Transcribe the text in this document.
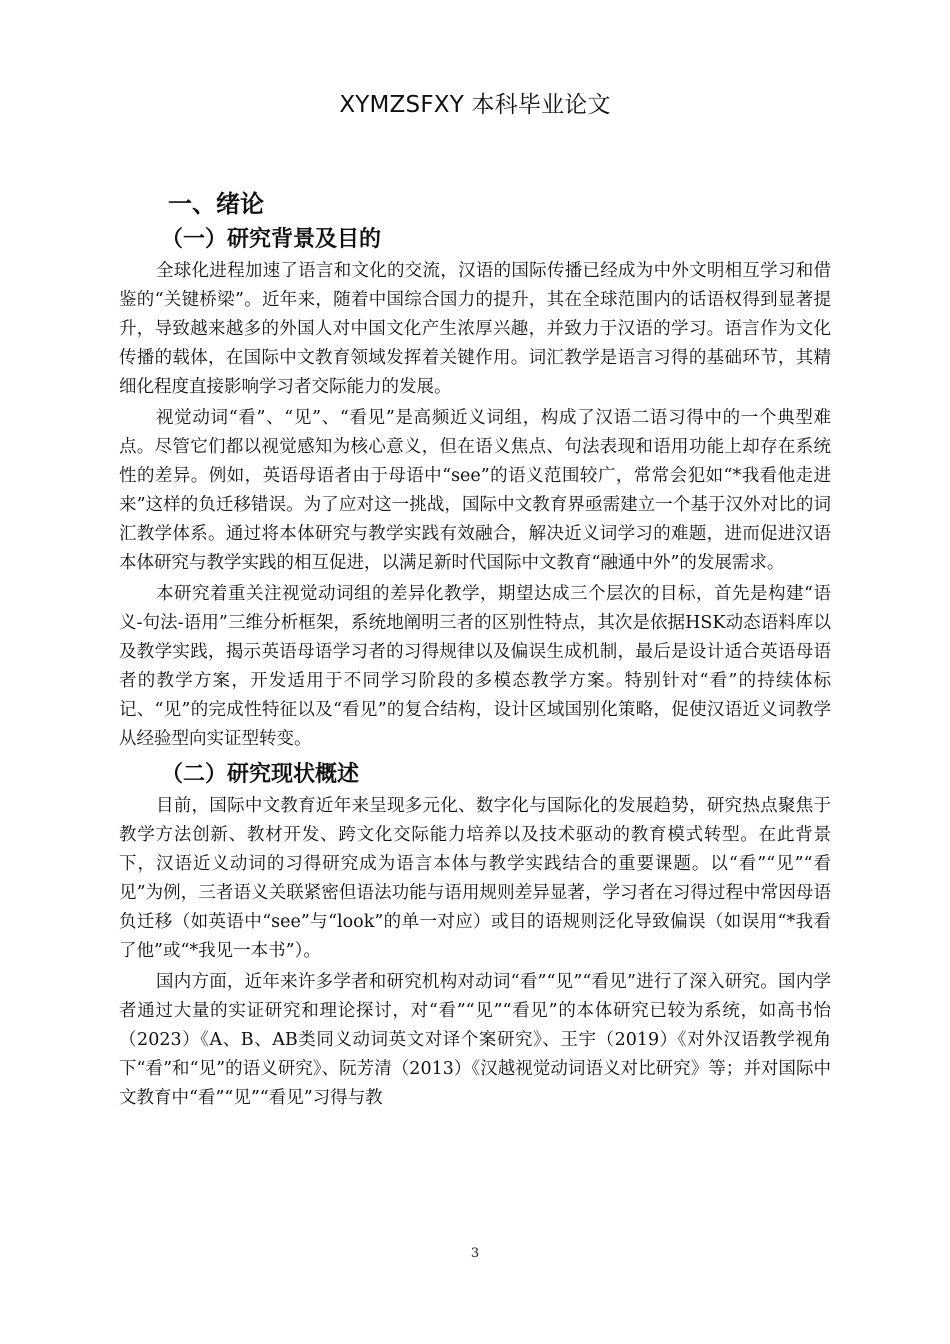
XYMZSFXY 本科毕业论文
一、绪论
（一）研究背景及目的

全球化进程加速了语言和文化的交流，汉语的国际传播已经成为中外文明相互学习和借鉴的“关键桥梁”。近年来，随着中国综合国力的提升，其在全球范围内的话语权得到显著提升，导致越来越多的外国人对中国文化产生浓厚兴趣，并致力于汉语的学习。语言作为文化传播的载体，在国际中文教育领域发挥着关键作用。词汇教学是语言习得的基础环节，其精细化程度直接影响学习者交际能力的发展。

视觉动词“看”、“见”、“看见”是高频近义词组，构成了汉语二语习得中的一个典型难点。尽管它们都以视觉感知为核心意义，但在语义焦点、句法表现和语用功能上却存在系统性的差异。例如，英语母语者由于母语中“see”的语义范围较广，常常会犯如“*我看他走进来”这样的负迁移错误。为了应对这一挑战，国际中文教育界亟需建立一个基于汉外对比的词汇教学体系。通过将本体研究与教学实践有效融合，解决近义词学习的难题，进而促进汉语本体研究与教学实践的相互促进，以满足新时代国际中文教育“融通中外”的发展需求。

本研究着重关注视觉动词组的差异化教学，期望达成三个层次的目标，首先是构建“语义-句法-语用”三维分析框架，系统地阐明三者的区别性特点，其次是依据HSK动态语料库以及教学实践，揭示英语母语学习者的习得规律以及偏误生成机制，最后是设计适合英语母语者的教学方案，开发适用于不同学习阶段的多模态教学方案。特别针对“看”的持续体标记、“见”的完成性特征以及“看见”的复合结构，设计区域国别化策略，促使汉语近义词教学从经验型向实证型转变。

（二）研究现状概述

目前，国际中文教育近年来呈现多元化、数字化与国际化的发展趋势，研究热点聚焦于教学方法创新、教材开发、跨文化交际能力培养以及技术驱动的教育模式转型。在此背景下，汉语近义动词的习得研究成为语言本体与教学实践结合的重要课题。以“看”“见”“看见”为例，三者语义关联紧密但语法功能与语用规则差异显著，学习者在习得过程中常因母语负迁移（如英语中“see”与“look”的单一对应）或目的语规则泛化导致偏误（如误用“*我看了他”或“*我见一本书”）。

国内方面，近年来许多学者和研究机构对动词“看”“见”“看见”进行了深入研究。国内学者通过大量的实证研究和理论探讨，对“看”“见”“看见”的本体研究已较为系统，如高书怡（2023）《A、B、AB类同义动词英文对译个案研究》、王宇（2019）《对外汉语教学视角下“看”和“见”的语义研究》、阮芳清（2013）《汉越视觉动词语义对比研究》等；并对国际中文教育中“看”“见”“看见”习得与教

3
